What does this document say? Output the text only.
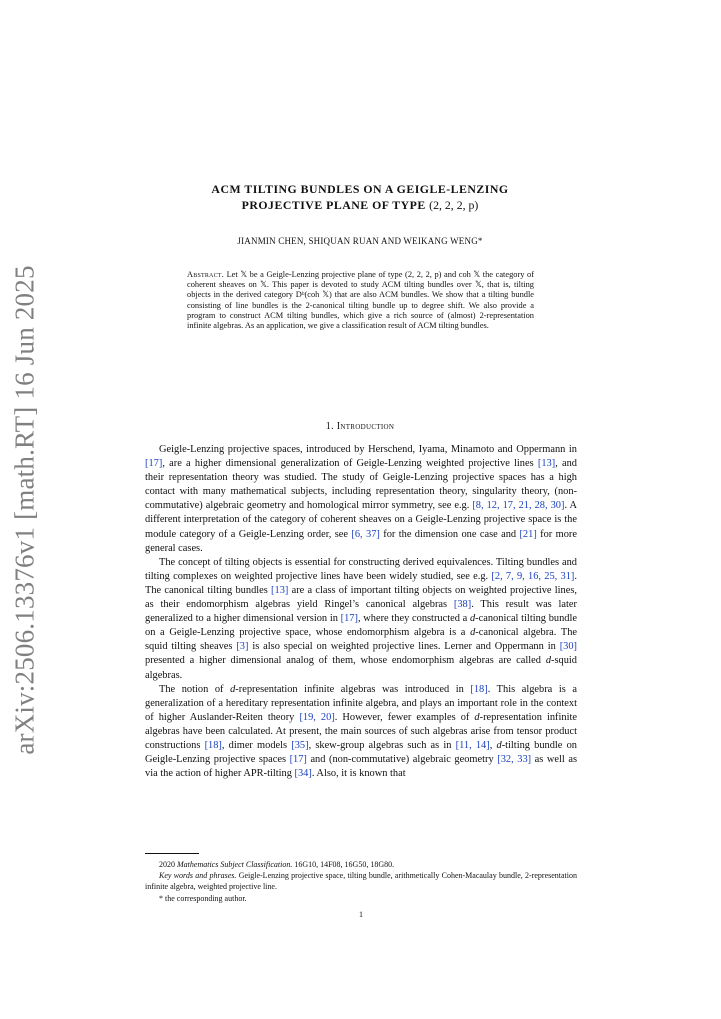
arXiv:2506.13376v1 [math.RT] 16 Jun 2025
ACM TILTING BUNDLES ON A GEIGLE-LENZING
PROJECTIVE PLANE OF TYPE (2, 2, 2, p)
JIANMIN CHEN, SHIQUAN RUAN AND WEIKANG WENG*
Abstract. Let 𝕏 be a Geigle-Lenzing projective plane of type (2, 2, 2, p) and coh 𝕏 the category of coherent sheaves on 𝕏. This paper is devoted to study ACM tilting bundles over 𝕏, that is, tilting objects in the derived category Dᵇ(coh 𝕏) that are also ACM bundles. We show that a tilting bundle consisting of line bundles is the 2-canonical tilting bundle up to degree shift. We also provide a program to construct ACM tilting bundles, which give a rich source of (almost) 2-representation infinite algebras. As an application, we give a classification result of ACM tilting bundles.
1. Introduction

Geigle-Lenzing projective spaces, introduced by Herschend, Iyama, Minamoto and Oppermann in [17], are a higher dimensional generalization of Geigle-Lenzing weighted projective lines [13], and their representation theory was studied. The study of Geigle-Lenzing projective spaces has a high contact with many mathematical subjects, including representation theory, singularity theory, (non-commutative) algebraic geometry and homological mirror symmetry, see e.g. [8, 12, 17, 21, 28, 30]. A different interpretation of the category of coherent sheaves on a Geigle-Lenzing projective space is the module category of a Geigle-Lenzing order, see [6, 37] for the dimension one case and [21] for more general cases.

The concept of tilting objects is essential for constructing derived equivalences. Tilting bundles and tilting complexes on weighted projective lines have been widely studied, see e.g. [2, 7, 9, 16, 25, 31]. The canonical tilting bundles [13] are a class of important tilting objects on weighted projective lines, as their endomorphism algebras yield Ringel’s canonical algebras [38]. This result was later generalized to a higher dimensional version in [17], where they constructed a d-canonical tilting bundle on a Geigle-Lenzing projective space, whose endomorphism algebra is a d-canonical algebra. The squid tilting sheaves [3] is also special on weighted projective lines. Lerner and Oppermann in [30] presented a higher dimensional analog of them, whose endomorphism algebras are called d-squid algebras.

The notion of d-representation infinite algebras was introduced in [18]. This algebra is a generalization of a hereditary representation infinite algebra, and plays an important role in the context of higher Auslander-Reiten theory [19, 20]. However, fewer examples of d-representation infinite algebras have been calculated. At present, the main sources of such algebras arise from tensor product constructions [18], dimer models [35], skew-group algebras such as in [11, 14], d-tilting bundle on Geigle-Lenzing projective spaces [17] and (non-commutative) algebraic geometry [32, 33] as well as via the action of higher APR-tilting [34]. Also, it is known that

2020 Mathematics Subject Classification. 16G10, 14F08, 16G50, 18G80.

Key words and phrases. Geigle-Lenzing projective space, tilting bundle, arithmetically Cohen-Macaulay bundle, 2-representation infinite algebra, weighted projective line.

* the corresponding author.

1
